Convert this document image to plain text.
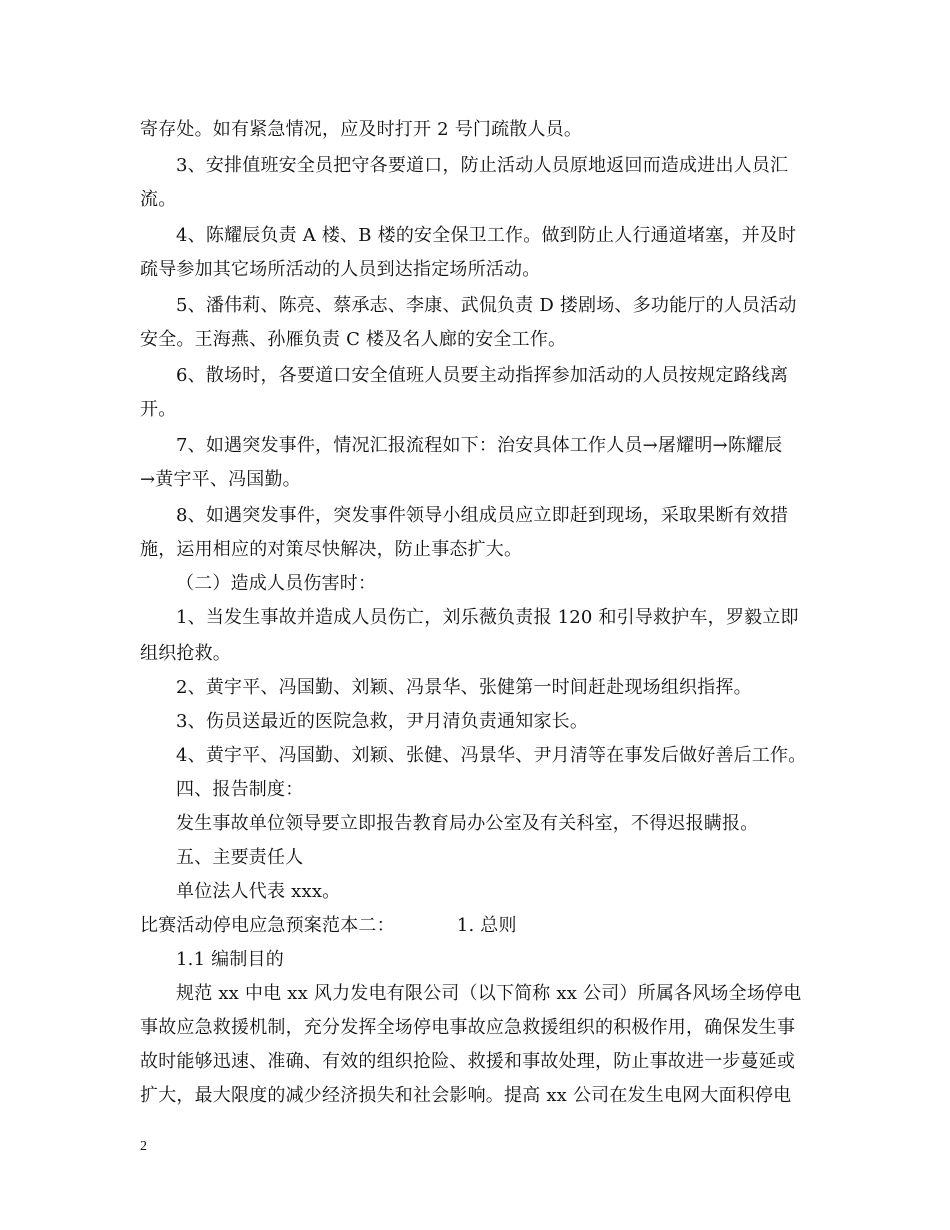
寄存处。如有紧急情况，应及时打开 2 号门疏散人员。
3、安排值班安全员把守各要道口，防止活动人员原地返回而造成进出人员汇
流。
4、陈耀辰负责 A 楼、B 楼的安全保卫工作。做到防止人行通道堵塞，并及时
疏导参加其它场所活动的人员到达指定场所活动。
5、潘伟莉、陈亮、蔡承志、李康、武侃负责 D 搂剧场、多功能厅的人员活动
安全。王海燕、孙雁负责 C 楼及名人廊的安全工作。
6、散场时，各要道口安全值班人员要主动指挥参加活动的人员按规定路线离
开。
7、如遇突发事件，情况汇报流程如下：治安具体工作人员→屠耀明→陈耀辰
→黄宇平、冯国勤。
8、如遇突发事件，突发事件领导小组成员应立即赶到现场，采取果断有效措
施，运用相应的对策尽快解决，防止事态扩大。
（二）造成人员伤害时：
1、当发生事故并造成人员伤亡，刘乐薇负责报 120 和引导救护车，罗毅立即
组织抢救。
2、黄宇平、冯国勤、刘颖、冯景华、张健第一时间赶赴现场组织指挥。
3、伤员送最近的医院急救，尹月清负责通知家长。
4、黄宇平、冯国勤、刘颖、张健、冯景华、尹月清等在事发后做好善后工作。
四、报告制度：
发生事故单位领导要立即报告教育局办公室及有关科室，不得迟报瞒报。
五、主要责任人
单位法人代表 xxx。
比赛活动停电应急预案范本二：	1. 总则
1.1 编制目的
规范 xx 中电 xx 风力发电有限公司（以下简称 xx 公司）所属各风场全场停电
事故应急救援机制，充分发挥全场停电事故应急救援组织的积极作用，确保发生事
故时能够迅速、准确、有效的组织抢险、救援和事故处理，防止事故进一步蔓延或
扩大，最大限度的减少经济损失和社会影响。提高 xx 公司在发生电网大面积停电
2
